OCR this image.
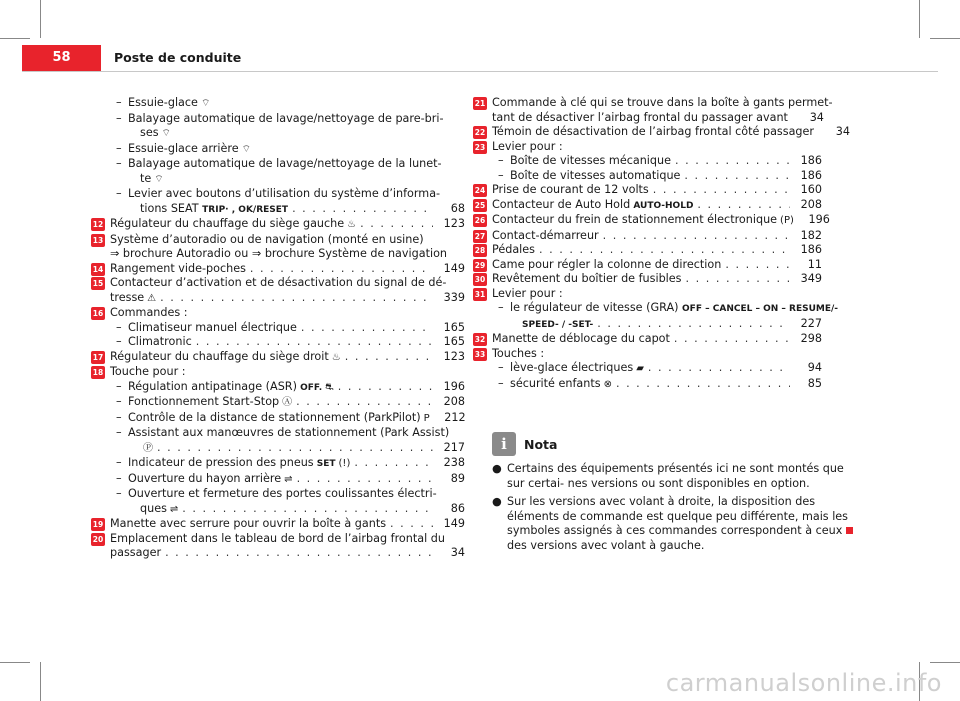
58	Poste de conduite
– Essuie-glace ⌔
– Balayage automatique de lavage/nettoyage de pare-bri-
ses ⌔
– Essuie-glace arrière ⌔
– Balayage automatique de lavage/nettoyage de la lunet-
te ⌔
– Levier avec boutons d’utilisation du système d’informa-
tions SEAT TRIP· , OK/RESET . . .	68
12 Régulateur du chauffage du siège gauche ♨ . . .	123
13 Système d’autoradio ou de navigation (monté en usine)
⇒ brochure Autoradio ou ⇒ brochure Système de navigation
14 Rangement vide-poches . . .	149
15 Contacteur d’activation et de désactivation du signal de dé-
tresse ⚠ . . .	339
16 Commandes :
– Climatiseur manuel électrique . . .	165
– Climatronic . . .	165
17 Régulateur du chauffage du siège droit ♨ . . .	123
18 Touche pour :
– Régulation antipatinage (ASR) OFF. ⛐ . . .	196
– Fonctionnement Start-Stop Ⓐ . . .	208
– Contrôle de la distance de stationnement (ParkPilot) P	212
– Assistant aux manœuvres de stationnement (Park Assist)
Ⓟ . . .	217
– Indicateur de pression des pneus SET (!) . . .	238
– Ouverture du hayon arrière ⇌ . . .	89
– Ouverture et fermeture des portes coulissantes électri-
ques ⇌ . . .	86
19 Manette avec serrure pour ouvrir la boîte à gants . . .	149
20 Emplacement dans le tableau de bord de l’airbag frontal du
passager . . .	34
21 Commande à clé qui se trouve dans la boîte à gants permet-
tant de désactiver l’airbag frontal du passager avant	34
22 Témoin de désactivation de l’airbag frontal côté passager	34
23 Levier pour :
– Boîte de vitesses mécanique . . .	186
– Boîte de vitesses automatique . . .	186
24 Prise de courant de 12 volts . . .	160
25 Contacteur de Auto Hold AUTO-HOLD . . .	208
26 Contacteur du frein de stationnement électronique (P)	196
27 Contact-démarreur . . .	182
28 Pédales . . .	186
29 Came pour régler la colonne de direction . . .	11
30 Revêtement du boîtier de fusibles . . .	349
31 Levier pour :
– le régulateur de vitesse (GRA) OFF – CANCEL – ON – RESUME/-
SPEED- / -SET- . . .	227
32 Manette de déblocage du capot . . .	298
33 Touches :
– lève-glace électriques ▰ . . .	94
– sécurité enfants ⊗ . . .	85
i	Nota

● Certains des équipements présentés ici ne sont montés que sur certai- nes versions ou sont disponibles en option.

● Sur les versions avec volant à droite, la disposition des éléments de commande est quelque peu différente, mais les symboles assignés à ces commandes correspondent à ceux des versions avec volant à gauche.

carmanualsonline.info
